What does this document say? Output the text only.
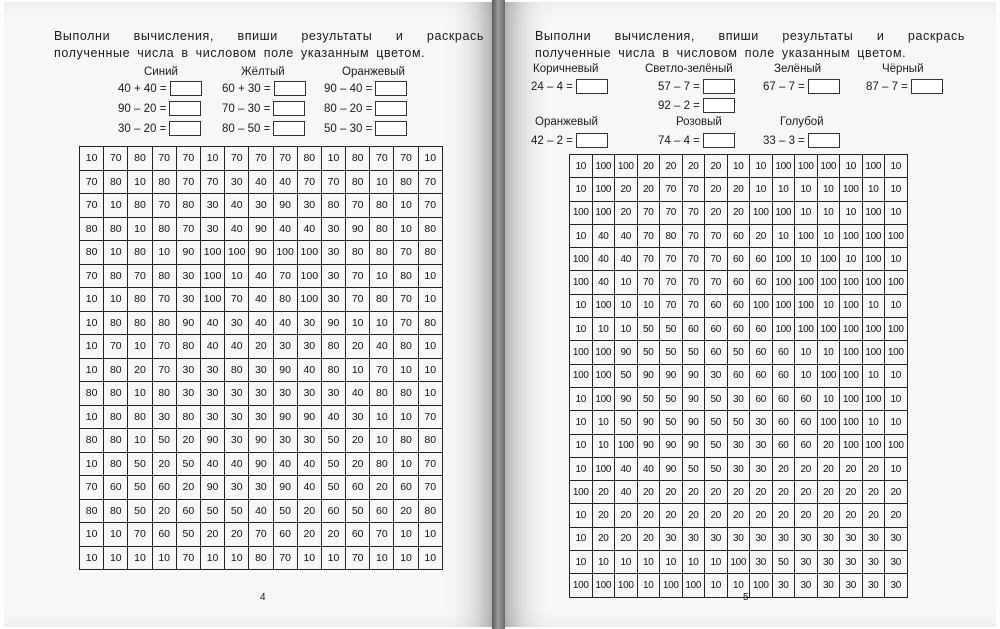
Выполни вычисления, впиши результаты и раскрась полученные числа в числовом поле указанным цветом.

Синий
40 + 40 =
90 – 20 =
30 – 20 =
Жёлтый
60 + 30 =
70 – 30 =
80 – 50 =
Оранжевый
90 – 40 =
80 – 20 =
50 – 30 =
10	70	80	70	70	10	70	70	70	80	10	80	70	70	10
70	80	10	80	70	70	30	40	40	70	70	80	10	80	70
70	10	80	70	80	30	40	30	90	30	80	70	80	10	70
80	80	10	80	70	30	40	90	40	40	30	90	80	10	80
80	10	80	10	90	100	100	90	100	100	30	80	80	70	80
70	80	70	80	30	100	10	40	70	100	30	70	10	80	10
10	10	80	70	30	100	70	40	80	100	30	70	80	70	10
10	80	80	80	90	40	30	40	40	30	90	10	10	70	80
10	70	10	70	80	40	40	20	30	30	80	20	40	80	10
10	80	20	70	30	30	80	30	90	40	80	10	70	10	10
80	80	10	80	30	30	30	30	30	30	30	40	80	80	10
10	80	80	30	80	30	30	30	90	90	40	30	10	10	70
80	80	10	50	20	90	30	90	30	30	50	20	10	80	80
10	80	50	20	50	40	40	90	40	40	50	20	80	10	70
70	60	50	60	20	90	30	30	90	40	50	60	20	60	70
80	80	50	20	60	50	50	40	50	20	60	50	60	20	80
10	10	70	60	50	20	20	70	60	20	20	60	70	10	10
10	10	10	10	70	10	10	80	70	10	10	70	10	10	10
4

Выполни вычисления, впиши результаты и раскрась полученные числа в числовом поле указанным цветом.

Коричневый
24 – 4 =
Светло-зелёный
57 – 7 =
92 – 2 =
Зелёный
67 – 7 =
Чёрный
87 – 7 =
Оранжевый
42 – 2 =
Розовый
74 – 4 =
Голубой
33 – 3 =
10	100	100	20	20	20	20	10	10	100	100	100	10	100	10
10	100	20	20	70	70	20	20	10	10	10	10	100	10	10
100	100	20	70	70	70	20	20	100	100	10	10	10	100	10
10	40	40	70	80	70	70	60	20	10	100	10	100	100	100
100	40	40	70	70	70	70	60	60	100	10	100	10	100	10
100	40	10	70	70	70	70	60	60	100	100	100	100	100	100
10	100	10	10	70	70	60	60	100	100	100	10	100	10	10
10	10	10	50	50	60	60	60	60	100	100	100	100	100	100
100	100	90	50	50	50	60	50	60	60	10	10	100	100	100
100	100	50	90	90	90	30	60	60	60	10	100	100	10	10
10	100	90	50	50	90	50	30	60	60	60	10	100	100	10
10	10	50	90	50	90	50	50	30	60	60	100	100	10	10
10	10	100	90	90	90	50	30	30	60	60	20	100	100	100
10	100	40	40	90	50	50	30	30	20	20	20	20	20	10
100	20	40	20	20	20	20	20	20	20	20	20	20	20	20
10	20	20	20	20	20	20	20	20	20	20	20	20	20	20
10	20	20	20	30	30	30	30	30	30	30	30	30	30	30
10	10	10	10	10	10	10	100	30	50	30	30	30	30	30
100	100	100	10	100	100	10	10	100	30	30	30	30	30	30
5
